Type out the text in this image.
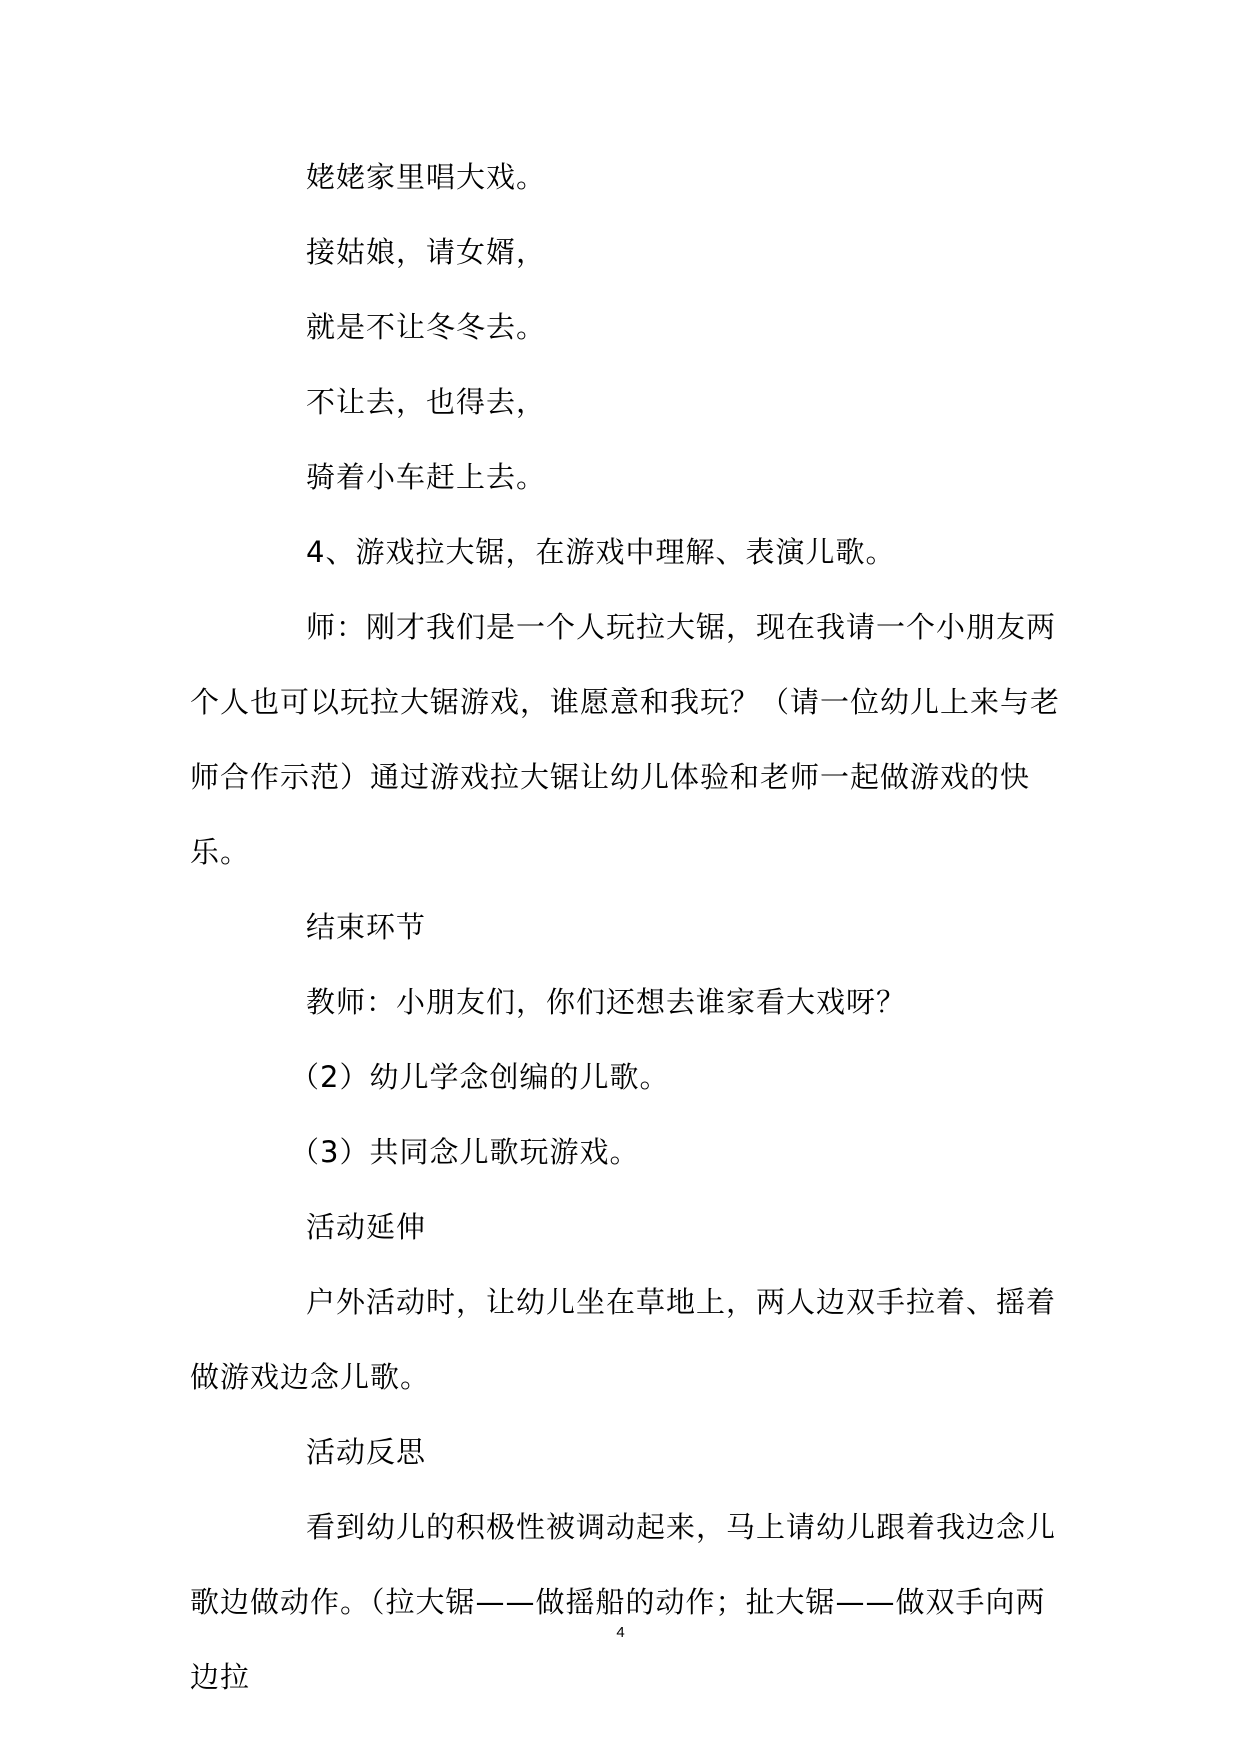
姥姥家里唱大戏。

接姑娘，请女婿，

就是不让冬冬去。

不让去，也得去，

骑着小车赶上去。

4、游戏拉大锯，在游戏中理解、表演儿歌。

师：刚才我们是一个人玩拉大锯，现在我请一个小朋友两个人也可以玩拉大锯游戏，谁愿意和我玩？（请一位幼儿上来与老师合作示范）通过游戏拉大锯让幼儿体验和老师一起做游戏的快乐。

结束环节

教师：小朋友们，你们还想去谁家看大戏呀？

（2）幼儿学念创编的儿歌。

（3）共同念儿歌玩游戏。

活动延伸

户外活动时，让幼儿坐在草地上，两人边双手拉着、摇着做游戏边念儿歌。

活动反思

看到幼儿的积极性被调动起来，马上请幼儿跟着我边念儿歌边做动作。（拉大锯——做摇船的动作；扯大锯——做双手向两边拉

4
